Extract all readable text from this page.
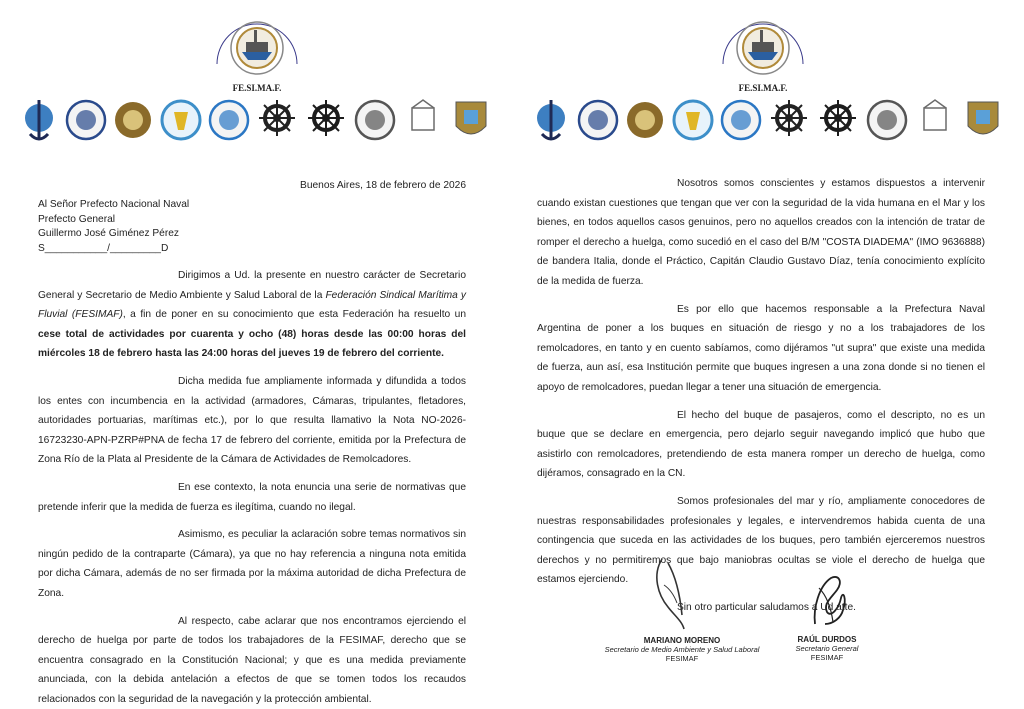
FE.SI.MA.F.

Buenos Aires, 18 de febrero de 2026

Al Señor Prefecto Nacional Naval

Prefecto General

Guillermo José Giménez Pérez

S___________/_________D

Dirigimos a Ud. la presente en nuestro carácter de Secretario General y Secretario de Medio Ambiente y Salud Laboral de la Federación Sindical Marítima y Fluvial (FESIMAF), a fin de poner en su conocimiento que esta Federación ha resuelto un cese total de actividades por cuarenta y ocho (48) horas desde las 00:00 horas del miércoles 18 de febrero hasta las 24:00 horas del jueves 19 de febrero del corriente.

Dicha medida fue ampliamente informada y difundida a todos los entes con incumbencia en la actividad (armadores, Cámaras, tripulantes, fletadores, autoridades portuarias, marítimas etc.), por lo que resulta llamativo la Nota NO-2026-16723230-APN-PZRP#PNA de fecha 17 de febrero del corriente, emitida por la Prefectura de Zona Río de la Plata al Presidente de la Cámara de Actividades de Remolcadores.

En ese contexto, la nota enuncia una serie de normativas que pretende inferir que la medida de fuerza es ilegítima, cuando no ilegal.

Asimismo, es peculiar la aclaración sobre temas normativos sin ningún pedido de la contraparte (Cámara), ya que no hay referencia a ninguna nota emitida por dicha Cámara, además de no ser firmada por la máxima autoridad de dicha Prefectura de Zona.

Al respecto, cabe aclarar que nos encontramos ejerciendo el derecho de huelga por parte de todos los trabajadores de la FESIMAF, derecho que se encuentra consagrado en la Constitución Nacional; y que es una medida previamente anunciada, con la debida antelación a efectos de que se tomen todos los recaudos relacionados con la seguridad de la navegación y la protección ambiental.

FE.SI.MA.F.

Nosotros somos conscientes y estamos dispuestos a intervenir cuando existan cuestiones que tengan que ver con la seguridad de la vida humana en el Mar y los bienes, en todos aquellos casos genuinos, pero no aquellos creados con la intención de tratar de romper el derecho a huelga, como sucedió en el caso del B/M "COSTA DIADEMA" (IMO 9636888) de bandera Italia, donde el Práctico, Capitán Claudio Gustavo Díaz, tenía conocimiento explícito de la medida de fuerza.

Es por ello que hacemos responsable a la Prefectura Naval Argentina de poner a los buques en situación de riesgo y no a los trabajadores de los remolcadores, en tanto y en cuento sabíamos, como dijéramos "ut supra" que existe una medida de fuerza, aun así, esa Institución permite que buques ingresen a una zona donde si no tienen el apoyo de remolcadores, puedan llegar a tener una situación de emergencia.

El hecho del buque de pasajeros, como el descripto, no es un buque que se declare en emergencia, pero dejarlo seguir navegando implicó que hubo que asistirlo con remolcadores, pretendiendo de esta manera romper un derecho de huelga, como dijéramos, consagrado en la CN.

Somos profesionales del mar y río, ampliamente conocedores de nuestras responsabilidades profesionales y legales, e intervendremos habida cuenta de una contingencia que suceda en las actividades de los buques, pero también ejerceremos nuestros derechos y no permitiremos que bajo maniobras ocultas se viole el derecho de huelga que estamos ejerciendo.

Sin otro particular saludamos a Ud atte.

MARIANO MORENO
Secretario de Medio Ambiente y Salud Laboral
FESIMAF
RAÚL DURDOS
Secretario General
FESIMAF
